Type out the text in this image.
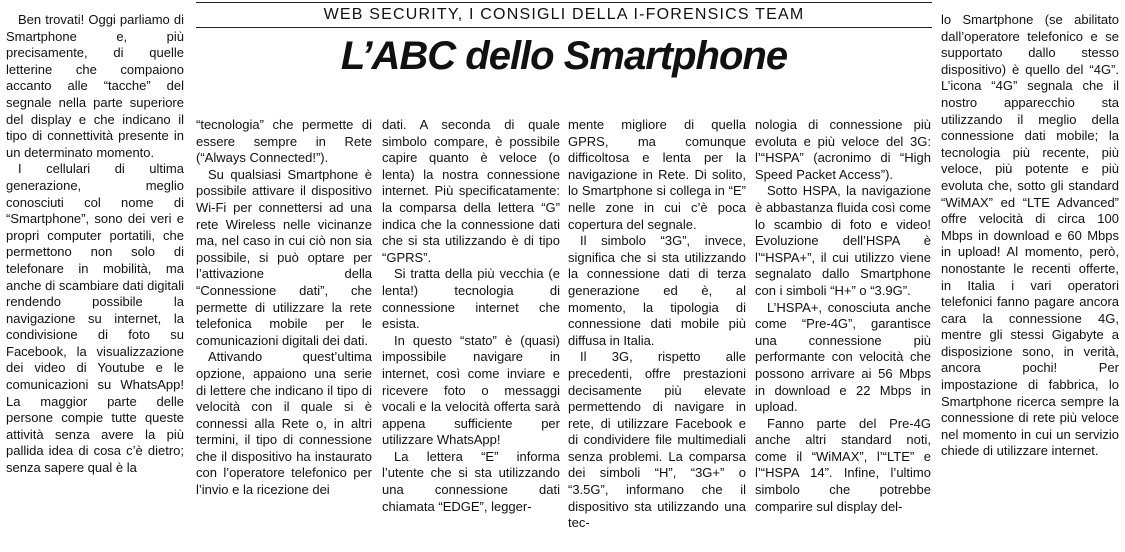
WEB SECURITY, I CONSIGLI DELLA I-FORENSICS TEAM
L’ABC dello Smartphone

Ben trovati! Oggi parliamo di Smartphone e, più precisamente, di quelle letterine che compaiono accanto alle “tacche” del segnale nella parte superiore del display e che indicano il tipo di connettività presente in un determinato momento.

I cellulari di ultima generazione, meglio conosciuti col nome di “Smartphone”, sono dei veri e propri computer portatili, che permettono non solo di telefonare in mobilità, ma anche di scambiare dati digitali rendendo possibile la navigazione su internet, la condivisione di foto su Facebook, la visualizzazione dei video di Youtube e le comunicazioni su WhatsApp! La maggior parte delle persone compie tutte queste attività senza avere la più pallida idea di cosa c’è dietro; senza sapere qual è la

“tecnologia” che permette di essere sempre in Rete (“Always Connected!”).

Su qualsiasi Smartphone è possibile attivare il dispositivo Wi-Fi per connettersi ad una rete Wireless nelle vicinanze ma, nel caso in cui ciò non sia possibile, si può optare per l’attivazione della “Connessione dati”, che permette di utilizzare la rete telefonica mobile per le comunicazioni digitali dei dati.

Attivando quest’ultima opzione, appaiono una serie di lettere che indicano il tipo di velocità con il quale si è connessi alla Rete o, in altri termini, il tipo di connessione che il dispositivo ha instaurato con l’operatore telefonico per l’invio e la ricezione dei

dati. A seconda di quale simbolo compare, è possibile capire quanto è veloce (o lenta) la nostra connessione internet. Più specificatamente: la comparsa della lettera “G” indica che la connessione dati che si sta utilizzando è di tipo “GPRS”.

Si tratta della più vecchia (e lenta!) tecnologia di connessione internet che esista.

In questo “stato” è (quasi) impossibile navigare in internet, così come inviare e ricevere foto o messaggi vocali e la velocità offerta sarà appena sufficiente per utilizzare WhatsApp!

La lettera “E” informa l’utente che si sta utilizzando una connessione dati chiamata “EDGE”, legger-

mente migliore di quella GPRS, ma comunque difficoltosa e lenta per la navigazione in Rete. Di solito, lo Smartphone si collega in “E” nelle zone in cui c’è poca copertura del segnale.

Il simbolo “3G”, invece, significa che si sta utilizzando la connessione dati di terza generazione ed è, al momento, la tipologia di connessione dati mobile più diffusa in Italia.

Il 3G, rispetto alle precedenti, offre prestazioni decisamente più elevate permettendo di navigare in rete, di utilizzare Facebook e di condividere file multimediali senza problemi. La comparsa dei simboli “H”, “3G+” o “3.5G”, informano che il dispositivo sta utilizzando una tec-

nologia di connessione più evoluta e più veloce del 3G: l’“HSPA” (acronimo di “High Speed Packet Access”).

Sotto HSPA, la navigazione è abbastanza fluida così come lo scambio di foto e video! Evoluzione dell’HSPA è l’“HSPA+”, il cui utilizzo viene segnalato dallo Smartphone con i simboli “H+” o “3.9G”.

L’HSPA+, conosciuta anche come “Pre-4G”, garantisce una connessione più performante con velocità che possono arrivare ai 56 Mbps in download e 22 Mbps in upload.

Fanno parte del Pre-4G anche altri standard noti, come il “WiMAX”, l’“LTE” e l’“HSPA 14”. Infine, l’ultimo simbolo che potrebbe comparire sul display del-

lo Smartphone (se abilitato dall’operatore telefonico e se supportato dallo stesso dispositivo) è quello del “4G”. L’icona “4G” segnala che il nostro apparecchio sta utilizzando il meglio della connessione dati mobile; la tecnologia più recente, più veloce, più potente e più evoluta che, sotto gli standard “WiMAX” ed “LTE Advanced” offre velocità di circa 100 Mbps in download e 60 Mbps in upload! Al momento, però, nonostante le recenti offerte, in Italia i vari operatori telefonici fanno pagare ancora cara la connessione 4G, mentre gli stessi Gigabyte a disposizione sono, in verità, ancora pochi! Per impostazione di fabbrica, lo Smartphone ricerca sempre la connessione di rete più veloce nel momento in cui un servizio chiede di utilizzare internet.
